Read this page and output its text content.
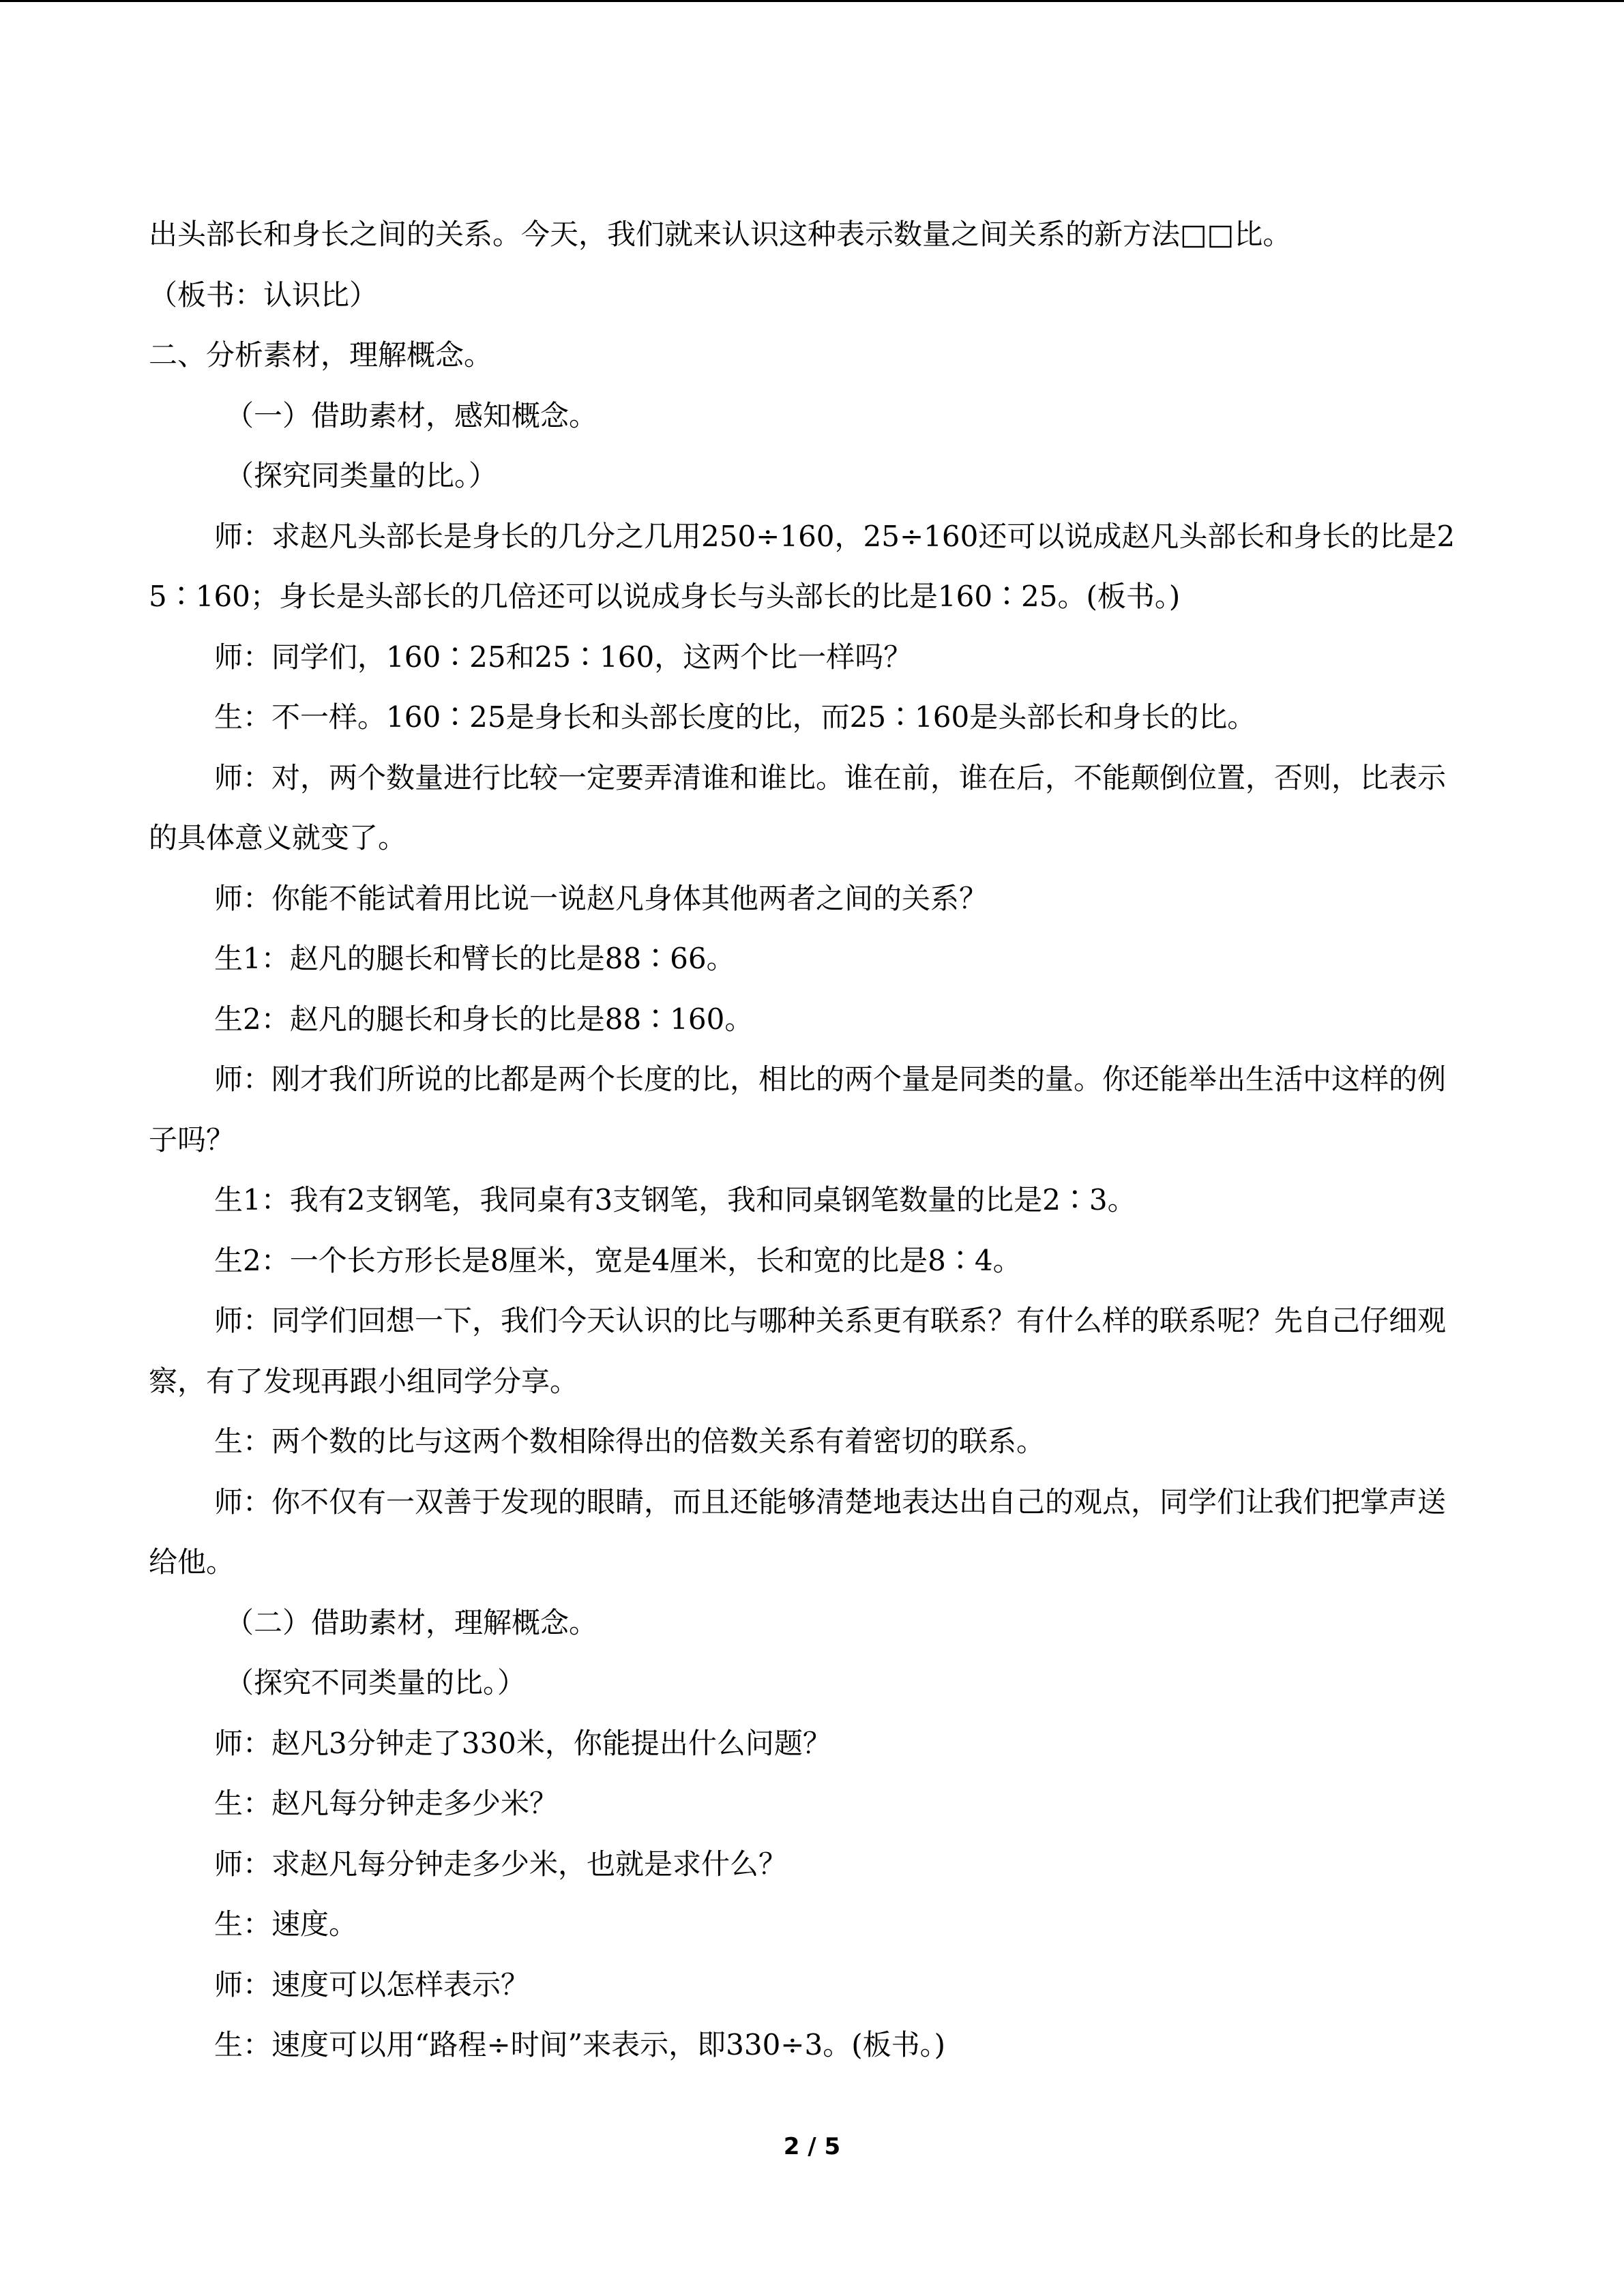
出头部长和身长之间的关系。今天，我们就来认识这种表示数量之间关系的新方法□□比。

（板书：认识比）

二、分析素材，理解概念。

（一）借助素材，感知概念。

（探究同类量的比。）

师：求赵凡头部长是身长的几分之几用250÷160，25÷160还可以说成赵凡头部长和身长的比是25∶160；身长是头部长的几倍还可以说成身长与头部长的比是160∶25。(板书。)

师：同学们，160∶25和25∶160，这两个比一样吗？

生：不一样。160∶25是身长和头部长度的比，而25∶160是头部长和身长的比。

师：对，两个数量进行比较一定要弄清谁和谁比。谁在前，谁在后，不能颠倒位置，否则，比表示的具体意义就变了。

师：你能不能试着用比说一说赵凡身体其他两者之间的关系？

生1：赵凡的腿长和臂长的比是88∶66。

生2：赵凡的腿长和身长的比是88∶160。

师：刚才我们所说的比都是两个长度的比，相比的两个量是同类的量。你还能举出生活中这样的例子吗？

生1：我有2支钢笔，我同桌有3支钢笔，我和同桌钢笔数量的比是2∶3。

生2：一个长方形长是8厘米，宽是4厘米，长和宽的比是8∶4。

师：同学们回想一下，我们今天认识的比与哪种关系更有联系？有什么样的联系呢？先自己仔细观察，有了发现再跟小组同学分享。

生：两个数的比与这两个数相除得出的倍数关系有着密切的联系。

师：你不仅有一双善于发现的眼睛，而且还能够清楚地表达出自己的观点，同学们让我们把掌声送给他。

（二）借助素材，理解概念。

（探究不同类量的比。）

师：赵凡3分钟走了330米，你能提出什么问题？

生：赵凡每分钟走多少米？

师：求赵凡每分钟走多少米，也就是求什么？

生：速度。

师：速度可以怎样表示？

生：速度可以用“路程÷时间”来表示，即330÷3。(板书。)

2 / 5
